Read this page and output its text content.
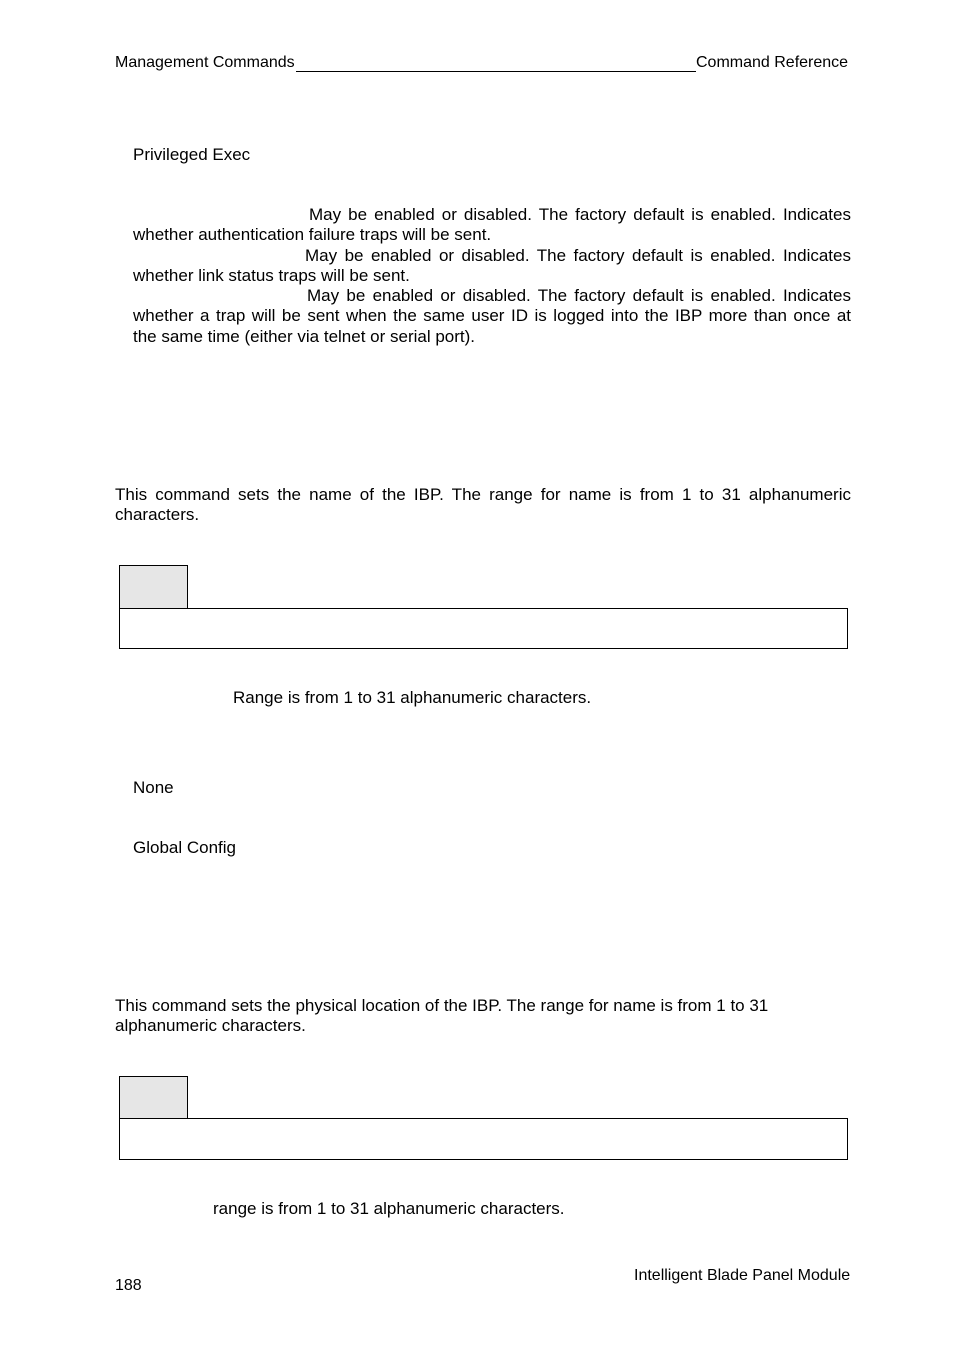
Management Commands	Command Reference
Privileged Exec
May be enabled or disabled. The factory default is enabled. Indicates
whether authentication failure traps will be sent.
May be enabled or disabled. The factory default is enabled. Indicates
whether link status traps will be sent.
May be enabled or disabled. The factory default is enabled. Indicates
whether a trap will be sent when the same user ID is logged into the IBP more than once at
the same time (either via telnet or serial port).
This command sets the name of the IBP. The range for name is from 1 to 31 alphanumeric
characters.
Range is from 1 to 31 alphanumeric characters.
None
Global Config
This command sets the physical location of the IBP. The range for name is from 1 to 31
alphanumeric characters.
range is from 1 to 31 alphanumeric characters.
188
Intelligent Blade Panel Module
